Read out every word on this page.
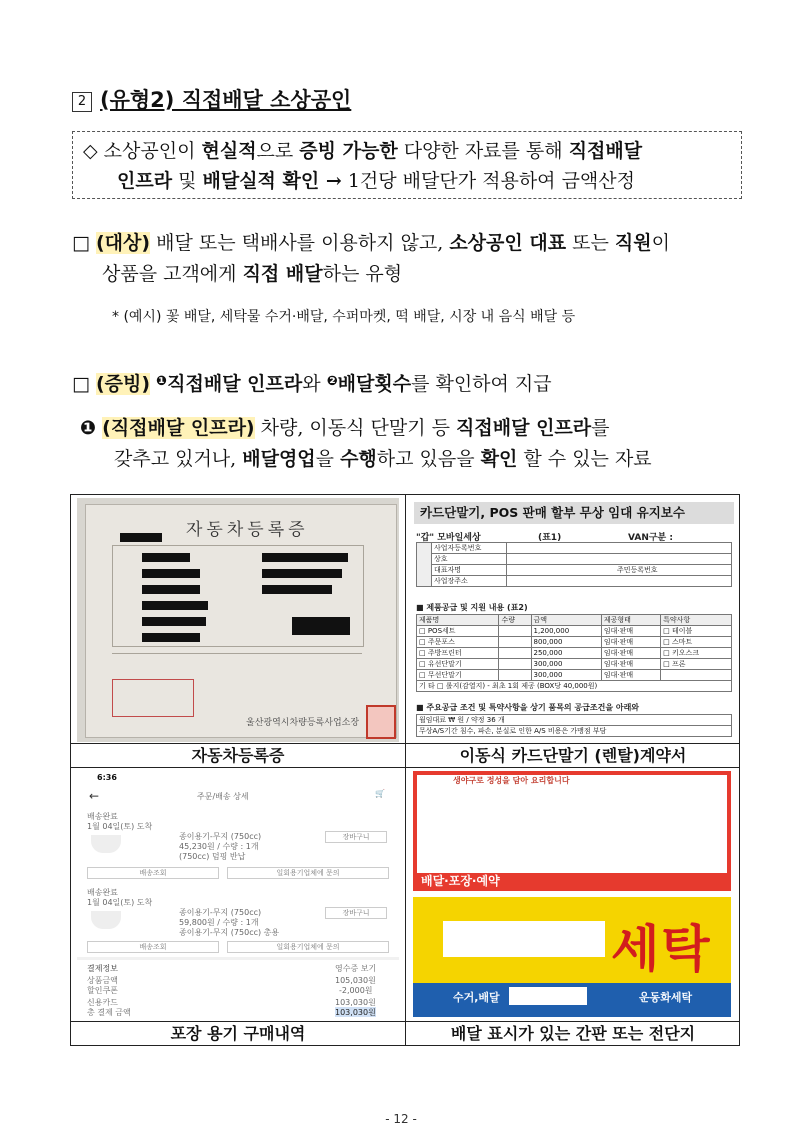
2 (유형2) 직접배달 소상공인
◇ 소상공인이 현실적으로 증빙 가능한 다양한 자료를 통해 직접배달
인프라 및 배달실적 확인 → 1건당 배달단가 적용하여 금액산정
□ (대상) 배달 또는 택배사를 이용하지 않고, 소상공인 대표 또는 직원이
상품을 고객에게 직접 배달하는 유형
* (예시) 꽃 배달, 세탁물 수거·배달, 수퍼마켓, 떡 배달, 시장 내 음식 배달 등
□ (증빙) $^❶$직접배달 인프라와 $^❷$배달횟수를 확인하여 지급
❶ (직접배달 인프라) 차량, 이동식 단말기 등 직접배달 인프라를
갖추고 있거나, 배달영업을 수행하고 있음을 확인 할 수 있는 자료
자동차등록증
울산광역시차량등록사업소장
카드단말기, POS 판매 할부 무상 임대 유지보수
"갑" 모바일세상	(표1)	VAN구분 :
	사업자등록번호	
	상호	
	대표자명	주민등록번호
	사업장주소	
■ 제품공급 및 지원 내용 (표2)
제품명	수량	금액	제공형태	특약사항
□ POS세트		1,200,000	임대·판매	□ 테이블
□ 주문포스		800,000	임대·판매	□ 스마트
□ 주방프린터		250,000	임대·판매	□ 키오스크
□ 유선단말기		300,000	임대·판매	□ 프론
□ 무선단말기		300,000	임대·판매	
기 타 □ 롤지(감열지) - 최초 1회 제공 (BOX당 40,000원)				
■ 주요공급 조건 및 특약사항을 상기 품목의 공급조건을 아래와
월임대료 ₩ 원 / 약정 36 개
무상A/S기간 침수, 파손, 분실로 인한 A/S 비용은 가맹점 부담
자동차등록증	이동식 카드단말기 (렌탈)계약서
6:36
←	주문/배송 상세	🛒
배송완료
1월 04일(토) 도착
종이용기-무지 (750cc)
45,230원 / 수량 : 1개
(750cc) 덤핑 반납
장바구니
배송조회	일회용기업체에 문의
배송완료
1월 04일(토) 도착
종이용기-무지 (750cc)
59,800원 / 수량 : 1개
종이용기-무지 (750cc) 총용
장바구니
배송조회	일회용기업체에 문의
결제정보	영수증 보기
상품금액	105,030원
할인쿠폰	-2,000원
신용카드	103,030원
총 결제 금액	103,030원
생야구로 정성을 담아 요리합니다
배달·포장·예약
세탁
수거,배달	운동화세탁
포장 용기 구매내역	배달 표시가 있는 간판 또는 전단지
- 12 -
